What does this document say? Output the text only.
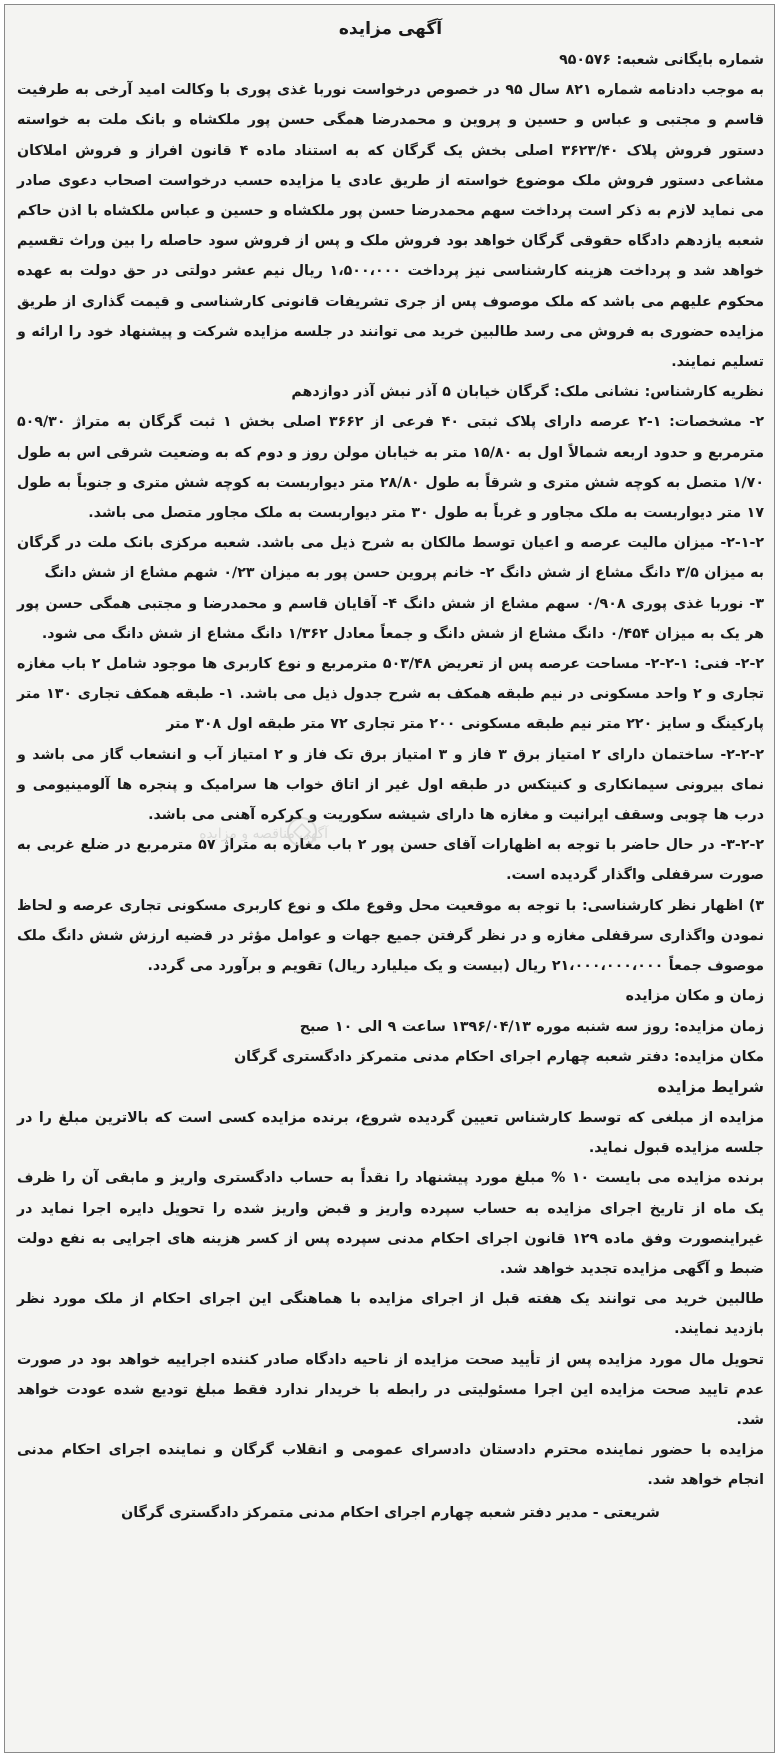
آگهی مزایده

شماره بایگانی شعبه: ۹۵۰۵۷۶

به موجب دادنامه شماره ۸۲۱ سال ۹۵ در خصوص درخواست نوربا غذی پوری با وکالت امید آرخی به طرفیت قاسم و مجتبی و عباس و حسین و پروین و محمدرضا همگی حسن پور ملکشاه و بانک ملت به خواسته دستور فروش پلاک ۳۶۲۳/۴۰ اصلی بخش یک گرگان که به استناد ماده ۴ قانون افراز و فروش املاکان مشاعی دستور فروش ملک موضوع خواسته از طریق عادی یا مزایده حسب درخواست اصحاب دعوی صادر می نماید لازم به ذکر است پرداخت سهم محمدرضا حسن پور ملکشاه و حسین و عباس ملکشاه با اذن حاکم شعبه یازدهم دادگاه حقوقی گرگان خواهد بود فروش ملک و پس از فروش سود حاصله را بین وراث تقسیم خواهد شد و پرداخت هزینه کارشناسی نیز پرداخت ۱،۵۰۰،۰۰۰ ریال نیم عشر دولتی در حق دولت به عهده محکوم علیهم می باشد که ملک موصوف پس از جری تشریفات قانونی کارشناسی و قیمت گذاری از طریق مزایده حضوری به فروش می رسد طالبین خرید می توانند در جلسه مزایده شرکت و پیشنهاد خود را ارائه و تسلیم نمایند.

نظریه کارشناس: نشانی ملک: گرگان خیابان ۵ آذر نبش آذر دوازدهم

۲- مشخصات: ۱-۲ عرصه دارای پلاک ثبتی ۴۰ فرعی از ۳۶۶۲ اصلی بخش ۱ ثبت گرگان به متراژ ۵۰۹/۳۰ مترمربع و حدود اربعه شمالاً اول به ۱۵/۸۰ متر به خیابان مولن روز و دوم که به وضعیت شرقی اس به طول ۱/۷۰ متصل به کوچه شش متری و شرقاً به طول ۲۸/۸۰ متر دیواربست به کوچه شش متری و جنوباً به طول ۱۷ متر دیواربست به ملک مجاور و غرباً به طول ۳۰ متر دیواربست به ملک مجاور متصل می باشد.

۲-۱-۲- میزان مالیت عرصه و اعیان توسط مالکان به شرح ذیل می باشد. شعبه مرکزی بانک ملت در گرگان به میزان ۳/۵ دانگ مشاع از شش دانگ ۲- خانم پروین حسن پور به میزان ۰/۲۳ شهم مشاع از شش دانگ

۳- نوربا غذی پوری ۰/۹۰۸ سهم مشاع از شش دانگ ۴- آقایان قاسم و محمدرضا و مجتبی همگی حسن پور هر یک به میزان ۰/۴۵۴ دانگ مشاع از شش دانگ و جمعاً معادل ۱/۳۶۲ دانگ مشاع از شش دانگ می شود.

۲-۲- فنی: ۱-۲-۲- مساحت عرصه پس از تعریض ۵۰۳/۴۸ مترمربع و نوع کاربری ها موجود شامل ۲ باب مغازه تجاری و ۲ واحد مسکونی در نیم طبقه همکف به شرح جدول ذیل می باشد. ۱- طبقه همکف تجاری ۱۳۰ متر پارکینگ و سایز ۲۲۰ متر نیم طبقه مسکونی ۲۰۰ متر تجاری ۷۲ متر طبقه اول ۳۰۸ متر

۲-۲-۲- ساختمان دارای ۲ امتیاز برق ۳ فاز و ۳ امتیاز برق تک فاز و ۲ امتیاز آب و انشعاب گاز می باشد و نمای بیرونی سیمانکاری و کنیتکس در طبقه اول غیر از اتاق خواب ها سرامیک و پنجره ها آلومینیومی و درب ها چوبی وسقف ایرانیت و مغازه ها دارای شیشه سکوریت و کرکره آهنی می باشد.

۳-۲-۲- در حال حاضر با توجه به اظهارات آقای حسن پور ۲ باب مغازه به متراژ ۵۷ مترمربع در ضلع غربی به صورت سرقفلی واگذار گردیده است.

۳) اظهار نظر کارشناسی: با توجه به موقعیت محل وقوع ملک و نوع کاربری مسکونی تجاری عرصه و لحاظ نمودن واگذاری سرقفلی مغازه و در نظر گرفتن جمیع جهات و عوامل مؤثر در قضیه ارزش شش دانگ ملک موصوف جمعاً ۲۱،۰۰۰،۰۰۰،۰۰۰ ریال (بیست و یک میلیارد ریال) تقویم و برآورد می گردد.

زمان و مکان مزایده

زمان مزایده: روز سه شنبه موره ۱۳۹۶/۰۴/۱۳ ساعت ۹ الی ۱۰ صبح

مکان مزایده: دفتر شعبه چهارم اجرای احکام مدنی متمرکز دادگستری گرگان

شرایط مزایده

مزایده از مبلغی که توسط کارشناس تعیین گردیده شروع، برنده مزایده کسی است که بالاترین مبلغ را در جلسه مزایده قبول نماید.

برنده مزایده می بایست ۱۰ % مبلغ مورد پیشنهاد را نقداً به حساب دادگستری واریز و مابقی آن را ظرف یک ماه از تاریخ اجرای مزایده به حساب سپرده واریز و قبض واریز شده را تحویل دایره اجرا نماید در غیراینصورت وفق ماده ۱۲۹ قانون اجرای احکام مدنی سپرده پس از کسر هزینه های اجرایی به نفع دولت ضبط و آگهی مزایده تجدید خواهد شد.

طالبین خرید می توانند یک هفته قبل از اجرای مزایده با هماهنگی این اجرای احکام از ملک مورد نظر بازدید نمایند.

تحویل مال مورد مزایده پس از تأیید صحت مزایده از ناحیه دادگاه صادر کننده اجراییه خواهد بود در صورت عدم تایید صحت مزایده این اجرا مسئولیتی در رابطه با خریدار ندارد فقط مبلغ تودیع شده عودت خواهد شد.

مزایده با حضور نماینده محترم دادستان دادسرای عمومی و انقلاب گرگان و نماینده اجرای احکام مدنی انجام خواهد شد.

شریعتی - مدیر دفتر شعبه چهارم اجرای احکام مدنی متمرکز دادگستری گرگان
آگهی مناقصه و مزایده
